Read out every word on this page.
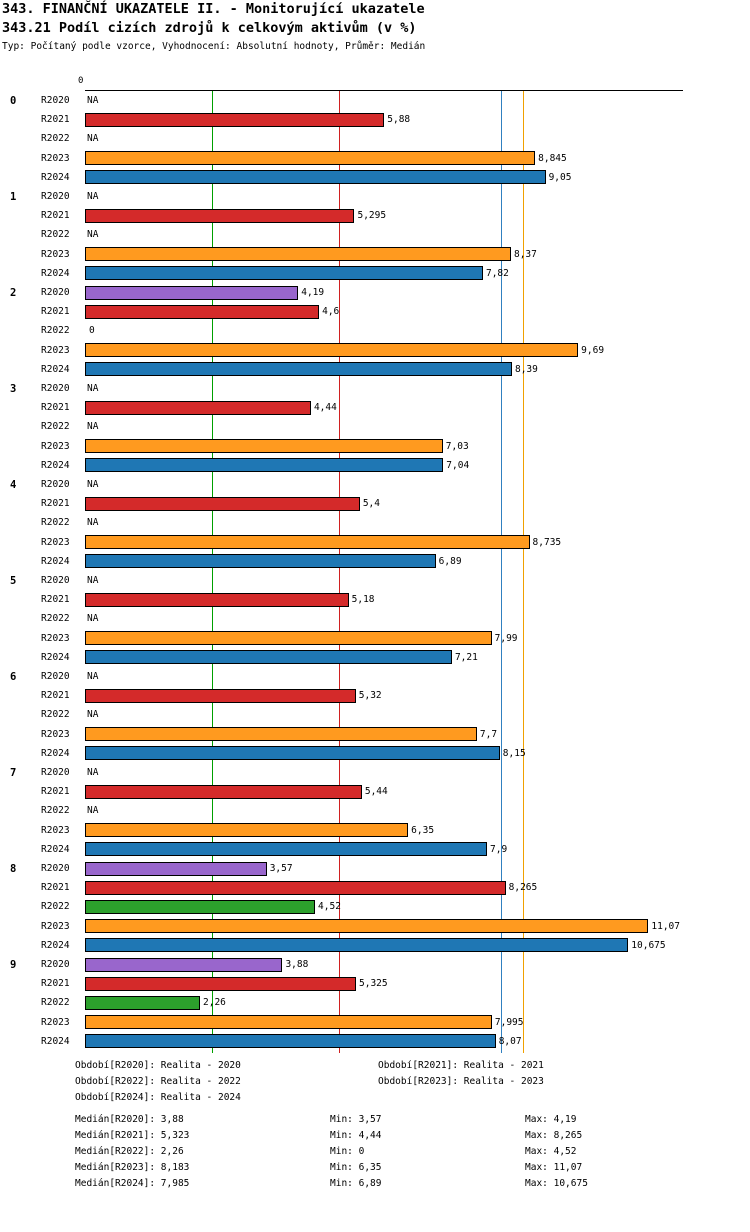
343. FINANČNÍ UKAZATELE II. - Monitorující ukazatele
343.21 Podíl cizích zdrojů k celkovým aktivům (v %)
Typ: Počítaný podle vzorce, Vyhodnocení: Absolutní hodnoty, Průměr: Medián
0
0	R2020 NA
R2021	5,88
R2022 NA
R2023	8,845
R2024	9,05
1	R2020 NA
R2021	5,295
R2022 NA
R2023	8,37
R2024	7,82
2	R2020	4,19
R2021	4,6
R2022 0
R2023	9,69
R2024	8,39
3	R2020 NA
R2021	4,44
R2022 NA
R2023	7,03
R2024	7,04
4	R2020 NA
R2021	5,4
R2022 NA
R2023	8,735
R2024	6,89
5	R2020 NA
R2021	5,18
R2022 NA
R2023	7,99
R2024	7,21
6	R2020 NA
R2021	5,32
R2022 NA
R2023	7,7
R2024	8,15
7	R2020 NA
R2021	5,44
R2022 NA
R2023	6,35
R2024	7,9
8	R2020	3,57
R2021	8,265
R2022	4,52
R2023	11,07
R2024	10,675
9	R2020	3,88
R2021	5,325
R2022	2,26
R2023	7,995
R2024	8,07
Období[R2020]: Realita - 2020	Období[R2021]: Realita - 2021
Období[R2022]: Realita - 2022	Období[R2023]: Realita - 2023
Období[R2024]: Realita - 2024
Medián[R2020]: 3,88	Min: 3,57	Max: 4,19
Medián[R2021]: 5,323	Min: 4,44	Max: 8,265
Medián[R2022]: 2,26	Min: 0	Max: 4,52
Medián[R2023]: 8,183	Min: 6,35	Max: 11,07
Medián[R2024]: 7,985	Min: 6,89	Max: 10,675
